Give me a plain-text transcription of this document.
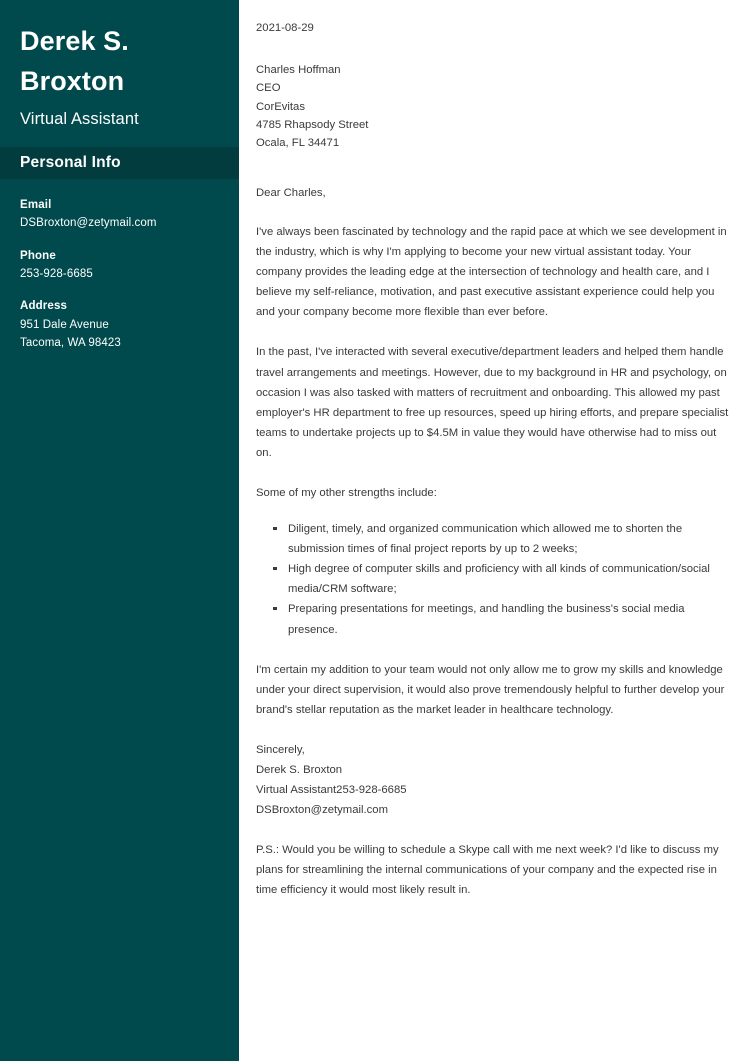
Derek S.
Broxton
Virtual Assistant
Personal Info
Email
DSBroxton@zetymail.com
Phone
253-928-6685
Address
951 Dale Avenue
Tacoma, WA 98423
2021-08-29
Charles Hoffman
CEO
CorEvitas
4785 Rhapsody Street
Ocala, FL 34471
Dear Charles,

I've always been fascinated by technology and the rapid pace at which we see development in the industry, which is why I'm applying to become your new virtual assistant today. Your company provides the leading edge at the intersection of technology and health care, and I believe my self-reliance, motivation, and past executive assistant experience could help you and your company become more flexible than ever before.

In the past, I've interacted with several executive/department leaders and helped them handle travel arrangements and meetings. However, due to my background in HR and psychology, on occasion I was also tasked with matters of recruitment and onboarding. This allowed my past employer's HR department to free up resources, speed up hiring efforts, and prepare specialist teams to undertake projects up to $4.5M in value they would have otherwise had to miss out on.

Some of my other strengths include:

Diligent, timely, and organized communication which allowed me to shorten the submission times of final project reports by up to 2 weeks;
High degree of computer skills and proficiency with all kinds of communication/social media/CRM software;
Preparing presentations for meetings, and handling the business's social media presence.

I'm certain my addition to your team would not only allow me to grow my skills and knowledge under your direct supervision, it would also prove tremendously helpful to further develop your brand's stellar reputation as the market leader in healthcare technology.

Sincerely,
Derek S. Broxton
Virtual Assistant253-928-6685
DSBroxton@zetymail.com

P.S.: Would you be willing to schedule a Skype call with me next week? I'd like to discuss my plans for streamlining the internal communications of your company and the expected rise in time efficiency it would most likely result in.
